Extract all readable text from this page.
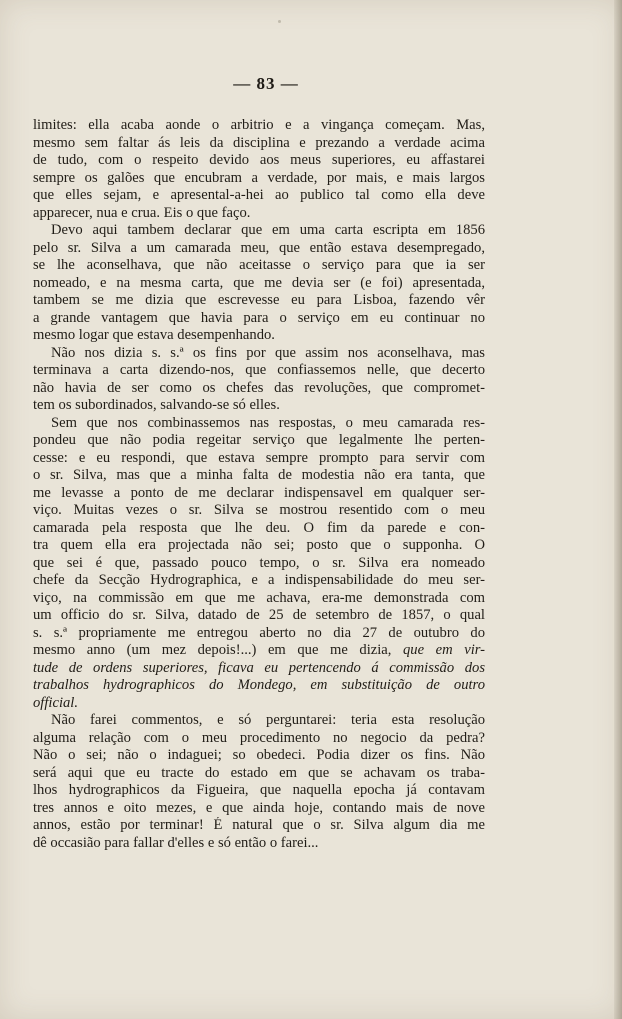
— 83 —
limites: ella acaba aonde o arbitrio e a vingança começam. Mas,
mesmo sem faltar ás leis da disciplina e prezando a verdade acima
de tudo, com o respeito devido aos meus superiores, eu affastarei
sempre os galões que encubram a verdade, por mais, e mais largos
que elles sejam, e apresental-a-hei ao publico tal como ella deve
apparecer, nua e crua. Eis o que faço.
Devo aqui tambem declarar que em uma carta escripta em 1856
pelo sr. Silva a um camarada meu, que então estava desempregado,
se lhe aconselhava, que não aceitasse o serviço para que ia ser
nomeado, e na mesma carta, que me devia ser (e foi) apresentada,
tambem se me dizia que escrevesse eu para Lisboa, fazendo vêr
a grande vantagem que havia para o serviço em eu continuar no
mesmo logar que estava desempenhando.
Não nos dizia s. s.ª os fins por que assim nos aconselhava, mas
terminava a carta dizendo-nos, que confiassemos nelle, que decerto
não havia de ser como os chefes das revoluções, que compromet-
tem os subordinados, salvando-se só elles.
Sem que nos combinassemos nas respostas, o meu camarada res-
pondeu que não podia regeitar serviço que legalmente lhe perten-
cesse: e eu respondi, que estava sempre prompto para servir com
o sr. Silva, mas que a minha falta de modestia não era tanta, que
me levasse a ponto de me declarar indispensavel em qualquer ser-
viço. Muitas vezes o sr. Silva se mostrou resentido com o meu
camarada pela resposta que lhe deu. O fim da parede e con-
tra quem ella era projectada não sei; posto que o supponha. O
que sei é que, passado pouco tempo, o sr. Silva era nomeado
chefe da Secção Hydrographica, e a indispensabilidade do meu ser-
viço, na commissão em que me achava, era-me demonstrada com
um officio do sr. Silva, datado de 25 de setembro de 1857, o qual
s. s.ª propriamente me entregou aberto no dia 27 de outubro do
mesmo anno (um mez depois!...) em que me dizia, que em vir-
tude de ordens superiores, ficava eu pertencendo á commissão dos
trabalhos hydrographicos do Mondego, em substituição de outro
official.
Não farei commentos, e só perguntarei: teria esta resolução
alguma relação com o meu procedimento no negocio da pedra?
Não o sei; não o indaguei; so obedeci. Podia dizer os fins. Não
será aqui que eu tracte do estado em que se achavam os traba-
lhos hydrographicos da Figueira, que naquella epocha já contavam
tres annos e oito mezes, e que ainda hoje, contando mais de nove
annos, estão por terminar! É natural que o sr. Silva algum dia me
dê occasião para fallar d'elles e só então o farei...
